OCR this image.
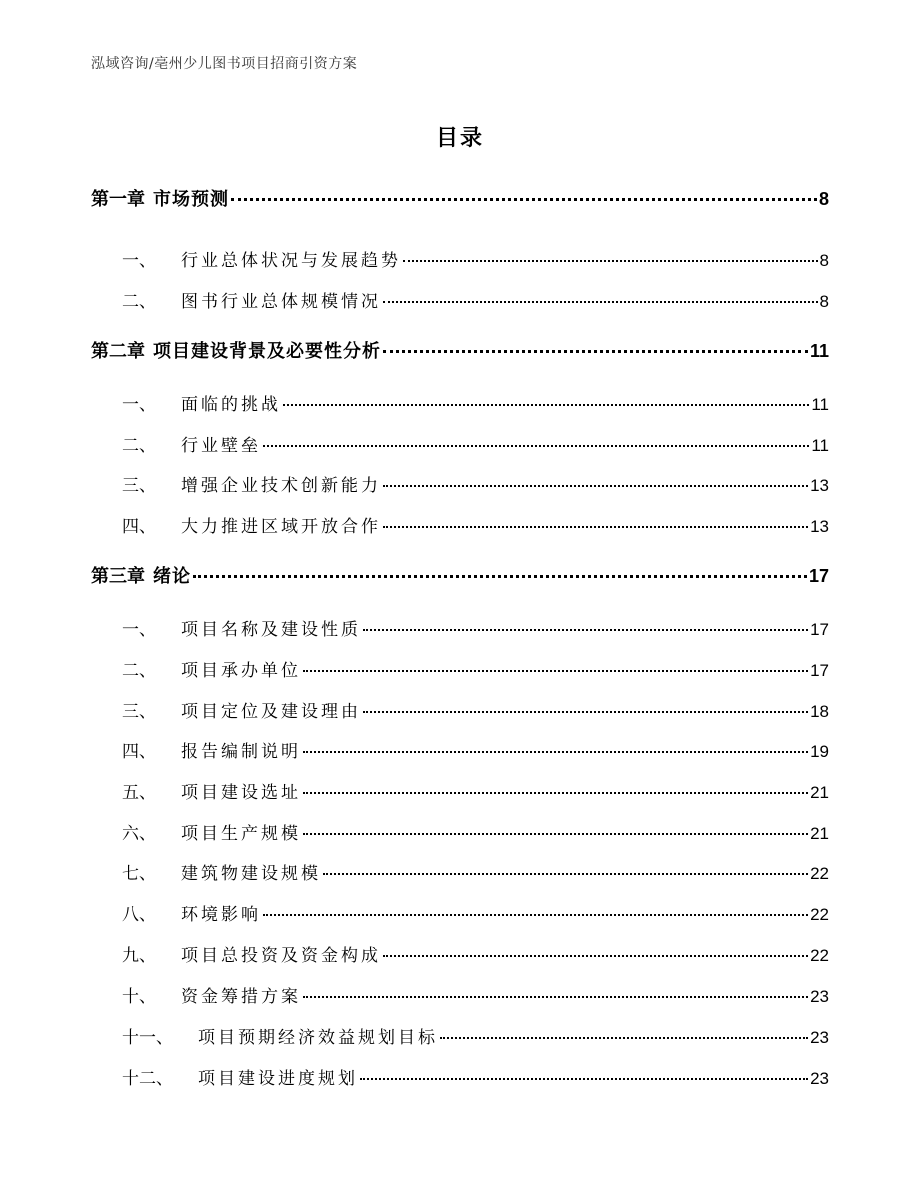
泓域咨询/亳州少儿图书项目招商引资方案
目录
第一章 市场预测	8
一、 行业总体状况与发展趋势	8
二、 图书行业总体规模情况	8
第二章 项目建设背景及必要性分析	11
一、 面临的挑战	11
二、 行业壁垒	11
三、 增强企业技术创新能力	13
四、 大力推进区域开放合作	13
第三章 绪论	17
一、 项目名称及建设性质	17
二、 项目承办单位	17
三、 项目定位及建设理由	18
四、 报告编制说明	19
五、 项目建设选址	21
六、 项目生产规模	21
七、 建筑物建设规模	22
八、 环境影响	22
九、 项目总投资及资金构成	22
十、 资金筹措方案	23
十一、 项目预期经济效益规划目标	23
十二、 项目建设进度规划	23
